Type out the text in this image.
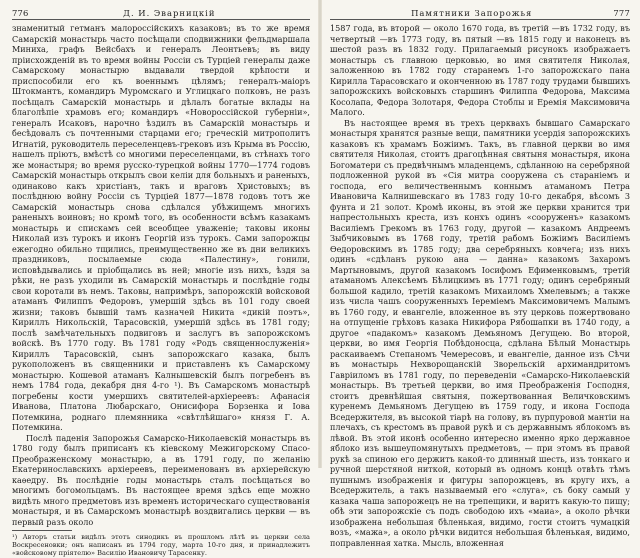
776	Д. И. Эварницкій

знаменитый гетманъ малороссійскихъ казаковъ; въ то же время Самарскій монастырь часто посѣщали сподвижники фельдмаршала Миниха, графъ Вейсбахъ и генералъ Леонтьевъ; въ виду пріисхожденій въ то время войны Россіи съ Турціей генералы даже Самарскому монастырю выдавали твердой крѣпости и приспособили его къ военнымъ цѣлямъ; генералъ-маіоръ Штокмантъ, командиръ Муромскаго и Углицкаго полковъ, не разъ посѣщалъ Самарскій монастырь и дѣлалъ богатые вклады на благолѣпіе храмовъ его; командиръ «Новороссійской губерніи», генералъ Исаковъ, нарочно ѣздилъ въ Самарскій монастырь и бесѣдовалъ съ почтенными старцами его; греческій митрополитъ Игнатій, руководитель переселенцевъ-грековъ изъ Крыма въ Россію, нашелъ пріютъ, вмѣстѣ со многими переселенцами, въ стѣнахъ того же монастыря; во время русско-турецкой войны 1770—1774 годовъ Самарскій монастырь открылъ свои келіи для больныхъ и раненыхъ, одинаково какъ христіанъ, такъ и враговъ Христовыхъ; въ послѣднюю войну Россіи съ Турціей 1877—1878 годовъ тотъ же Самарскій монастырь снова сдѣлался убѣжищемъ многихъ раненыхъ воиновъ; но кромѣ того, въ особенности всѣмъ казакамъ монастырь и спискамъ сей всеобщее уваженіе; таковы иконы Николай изъ турокъ и иконъ Георгій изъ турокъ. Сами запорожцы ежегодно обильно тщились, преимущественно же въ дни великихъ праздниковъ, посылаемые сюда «Палестину», гонили, исповѣдывались и пріобщались въ ней; многіе изъ нихъ, ѣздя за рѣки, не разъ уходили въ Самарскій монастырь и послѣдніе годы свои коротали въ немъ. Таковы, напримѣръ, запорожскій войсковой атаманъ Филиппъ Федоровъ, умершій здѣсь въ 101 году своей жизни; таковъ бывшій тамъ казначей Никита «дикій поэтъ», Кириллъ Никольскій, Тарасовскій, умершій здѣсь въ 1781 году; послѣ замѣчательныхъ подвиговъ и заслугъ въ запорожскомъ войскѣ. Въ 1770 году. Въ 1781 году «Родъ священнослуженія» Кириллъ Тарасовскій, сынъ запорожскаго казака, былъ рукоположенъ въ священники и приставленъ къ Самарскому монастырю. Кошевой атаманъ Калнышевскій былъ погребенъ въ немъ 1784 года, декабря дня 4-го ¹). Въ Самарскомъ монастырѣ погребены кости умершихъ святителей-архіереевъ: Афанасія Иванова, Платона Любарскаго, Онисифора Борзенка и Іова Потемкина, роднаго племянника «свѣтлѣйшаго» князя Г. А. Потемкина.

Послѣ паденія Запорожья Самарско-Николаевскій монастырь въ 1780 году былъ приписанъ къ кіевскому Межигорскому Спасо-Преображенскому монастырю, а въ 1791 году, по желанію Екатеринославскихъ архіереевъ, переименованъ въ архіерейскую каѳедру. Въ послѣдніе годы монастырь сталъ посѣщаться во многимъ богомольцамъ. Въ настоящее время здѣсь еще можно видѣть много предметовъ изъ временъ историческаго существованія монастыря, и въ Самарскомъ монастырѣ воздвигались церкви — въ первый разъ около

¹) Авторъ статьи видѣлъ этотъ синодикъ въ прошломъ лѣтѣ въ церкви села Воскресеновки; онъ написанъ въ 1794 году, марта 10-го дня, и принадлежитъ «войсковому пріятелю» Василію Ивановичу Тарасенку.

Памятники Запорожья	777

1587 года, въ второй — около 1670 года, въ третій —въ 1732 году, въ четвертый —въ 1773 году, въ пятый —въ 1815 году и наконецъ въ шестой разъ въ 1832 году. Прилагаемый рисунокъ изображаетъ монастырь съ главною церковью, во имя святителя Николая, заложенною въ 1782 году старанемъ 1-го запорожскаго пана Кирилла Тарасовскаго и оконченною въ 1787 году трудами бывшихъ запорожскихъ войсковыхъ старшинъ Филиппа Федорова, Максима Косолапа, Федора Золотаря, Федора Стоблы и Еремія Максимовича Малого.

Въ настоящее время въ трехъ церквахъ бывшаго Самарскаго монастыря хранятся разные вещи, памятники усердія запорожскихъ казаковъ къ храмамъ Божіимъ. Такъ, въ главной церкви во имя святителя Николая, стоитъ драгоцѣнная святыня монастыря, икона Богоматери съ предвѣчнымъ младенцемъ, сдѣланною на серебряной подложенной рукой въ «Сія митра сооружена съ стараніемъ и господа, его величественнымъ коннымъ атаманомъ Петра Ивановича Калнишевскаго въ 1783 году 10-го декабря, вѣсомъ 3 фунта и 21 золот. Кромѣ иконы, въ этой же церкви хранится три напрестольныхъ креста, изъ конхъ одинъ «сооруженъ» казакомъ Василіемъ Грекомъ въ 1763 году, другой — казакомъ Андреемъ Зыбчиковымъ въ 1768 году, третій рабомъ Божіимъ Василіемъ Ѳедоровскимъ въ 1785 году; два серебряныхъ ковчега; изъ нихъ одинъ «сдѣланъ рукою ана — данна» казакомъ Захаромъ Мартыновымъ, другой казакомъ Іосифомъ Ефименковымъ, третій атаманомъ Алексѣемъ Бѣлицкимъ въ 1771 году; одинъ серебряный большой кадило, третій казакомъ Михаиломъ Хмелевымъ; а также изъ числа чашъ сооруженныхъ Іереміемъ Максимовичемъ Малымъ въ 1760 году, и евангеліе, вложенное въ эту церковь пожертвовано на отпущеніе грѣховъ казака Никифора Рябошапки въ 1740 году, а другое «падакомъ» казакомъ Демьяномъ Дегущею. Во второй, церкви, во имя Георгія Побѣдоносца, сдѣлана Бѣлый Монастырь раскаиваемъ Степаномъ Чемересовъ, и евангеліе, данное изъ Сѣчи въ монастырь Нехворощанскій Зворельскій архимандритомъ Гавріиломъ въ 1781 году, по переведеніи «Самарско-Николаевскій монастырь. Въ третьей церкви, во имя Преображенія Господня, стоитъ древнѣйшая святыня, пожертвованная Величковскимъ куренемъ Демьяномъ Дегущею въ 1759 году, и икона Господа Вседержителя, въ высокой тіарѣ на голову, въ пурпуровой мантіи на плечахъ, съ крестомъ въ правой рукѣ и съ державнымъ яблокомъ въ лѣвой. Въ этой иконѣ особенно интересно именно ярко державное яблоко изъ вышеупомянутыхъ предметовъ, — при этомъ въ правой рукѣ за спиною его держитъ какой-то длинный шесть, изъ тонкаго и ручной шерстяной ниткой, который въ одномъ концѣ отвѣть тѣмъ пушнымъ изображенія и фигуры запорожцевъ, въ кругу ихъ, а Вседержитель, а такъ называемый его «слуга», съ боку самый у казака чаша запорожецъ не на трепещики, и варитъ какую-то пищу; обѣ эти запорожскіе съ подъ свободою ихъ «маиа», а около рѣчки изображена небольшая бѣленькая, видимо, гости стоитъ чумацкій возъ, «мажа», а около рѣчки видится небольшая бѣленькая, видимо, поправленная хатка. Мысль, вложенная
